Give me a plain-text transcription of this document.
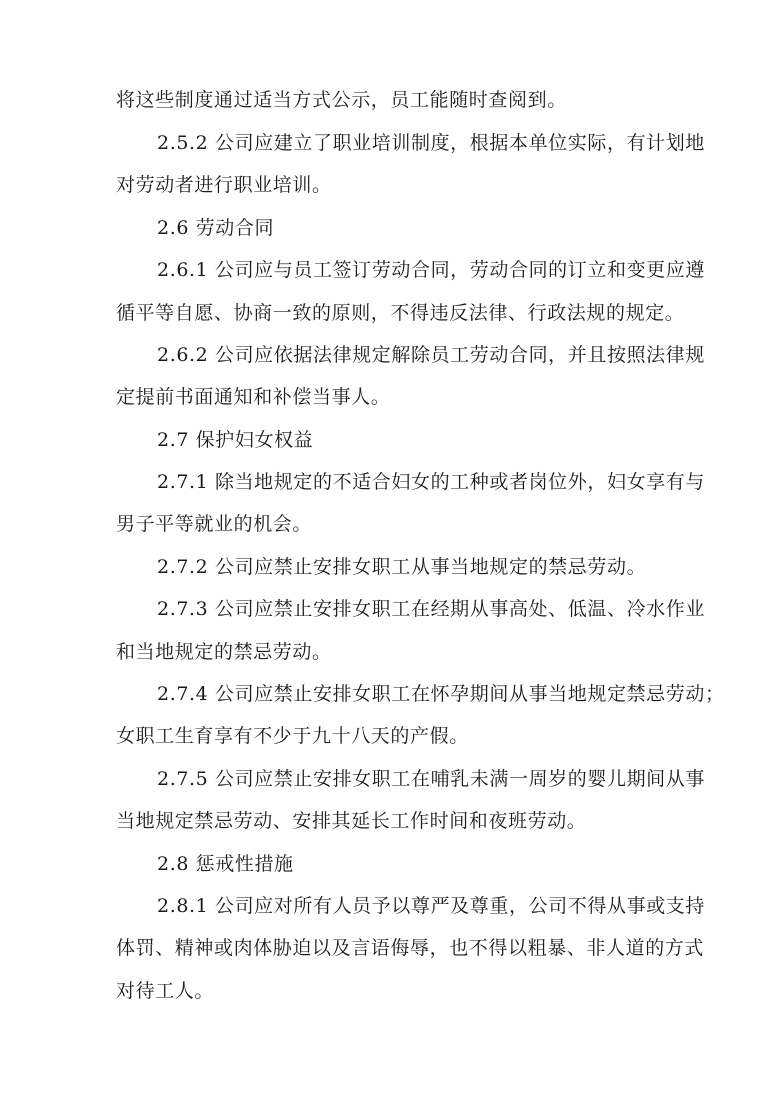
将这些制度通过适当方式公示，员工能随时查阅到。
2.5.2 公司应建立了职业培训制度，根据本单位实际，有计划地
对劳动者进行职业培训。
2.6 劳动合同
2.6.1 公司应与员工签订劳动合同，劳动合同的订立和变更应遵
循平等自愿、协商一致的原则，不得违反法律、行政法规的规定。
2.6.2 公司应依据法律规定解除员工劳动合同，并且按照法律规
定提前书面通知和补偿当事人。
2.7 保护妇女权益
2.7.1 除当地规定的不适合妇女的工种或者岗位外，妇女享有与
男子平等就业的机会。
2.7.2 公司应禁止安排女职工从事当地规定的禁忌劳动。
2.7.3 公司应禁止安排女职工在经期从事高处、低温、冷水作业
和当地规定的禁忌劳动。
2.7.4 公司应禁止安排女职工在怀孕期间从事当地规定禁忌劳动；
女职工生育享有不少于九十八天的产假。
2.7.5 公司应禁止安排女职工在哺乳未满一周岁的婴儿期间从事
当地规定禁忌劳动、安排其延长工作时间和夜班劳动。
2.8 惩戒性措施
2.8.1 公司应对所有人员予以尊严及尊重，公司不得从事或支持
体罚、精神或肉体胁迫以及言语侮辱，也不得以粗暴、非人道的方式
对待工人。
